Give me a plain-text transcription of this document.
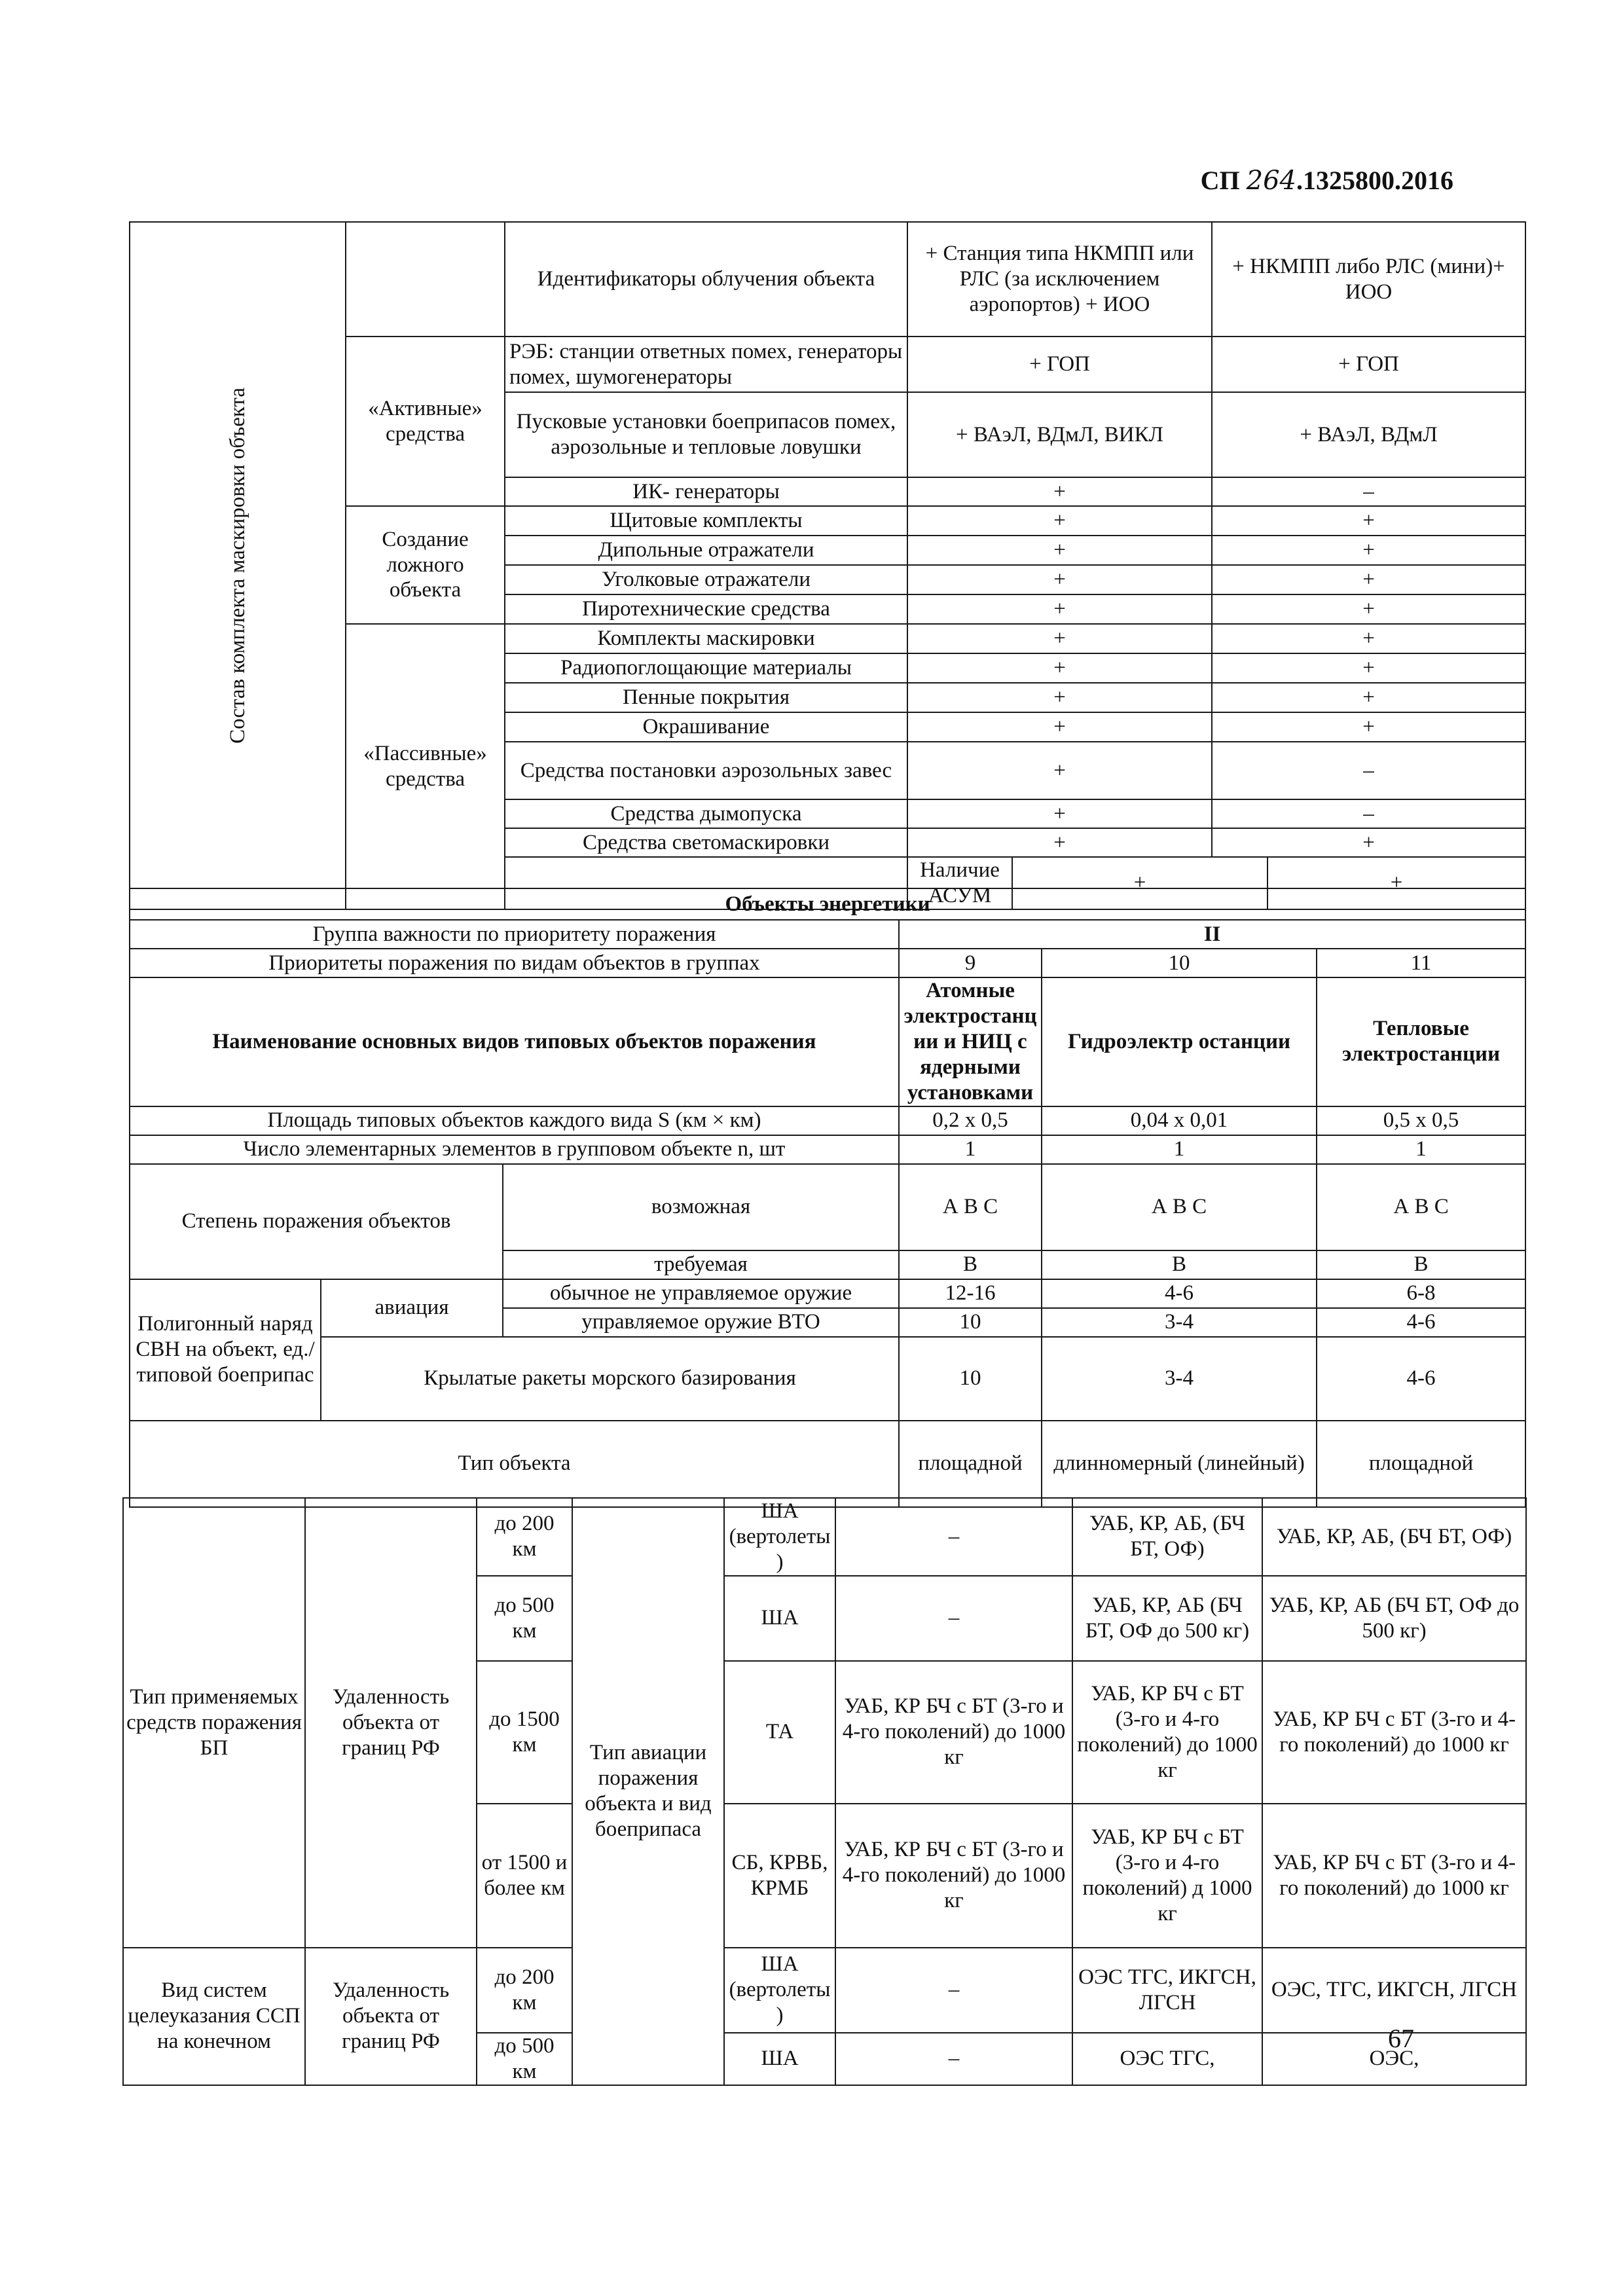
СП 264.1325800.2016
Состав комплекта маскировки объекта		Идентификаторы облучения объекта	+ Станция типа НКМПП или РЛС (за исключением аэропортов) + ИОО		+ НКМПП либо РЛС (мини)+ ИОО	
	«Активные» средства	РЭБ: станции ответных помех, генераторы помех, шумогенераторы	+ ГОП		+ ГОП	
		Пусковые установки боеприпасов помех, аэрозольные и тепловые ловушки	+ ВАэЛ, ВДмЛ, ВИКЛ		+ ВАэЛ, ВДмЛ	
		ИК- генераторы	+		–	
	Создание ложного объекта	Щитовые комплекты	+		+	
		Дипольные отражатели	+		+	
		Уголковые отражатели	+		+	
		Пиротехнические средства	+		+	
	«Пассивные» средства	Комплекты маскировки	+		+	
		Радиопоглощающие материалы	+		+	
		Пенные покрытия	+		+	
		Окрашивание	+		+	
		Средства постановки аэрозольных завес	+		–	
		Средства дымопуска	+		–	
		Средства светомаскировки	+		+	
			Наличие АСУМ	+		+
Объекты энергетики					
Группа важности по приоритету поражения			II		
Приоритеты поражения по видам объектов в группах			9	10	11
Наименование основных видов типовых объектов поражения			Атомные электростанции и НИЦ с ядерными установками	Гидроэлектр останции	Тепловые электростанции
Площадь типовых объектов каждого вида S (км × км)			0,2 x 0,5	0,04 x 0,01	0,5 x 0,5
Число элементарных элементов в групповом объекте n, шт			1	1	1
Степень поражения объектов		возможная	А В С	А В С	А В С
		требуемая	В	В	В
Полигонный наряд СВН на объект, ед./типовой боеприпас	авиация	обычное не управляемое оружие	12-16	4-6	6-8
		управляемое оружие ВТО	10	3-4	4-6
	Крылатые ракеты морского базирования		10	3-4	4-6
Тип объекта			площадной	длинномерный (линейный)	площадной
Тип применяемых средств поражения БП	Удаленность объекта от границ РФ	до 200 км	Тип авиации поражения объекта и вид боеприпаса	ША (вертолеты)	–	УАБ, КР, АБ, (БЧ БТ, ОФ)	УАБ, КР, АБ, (БЧ БТ, ОФ)
		до 500 км		ША	–	УАБ, КР, АБ (БЧ БТ, ОФ до 500 кг)	УАБ, КР, АБ (БЧ БТ, ОФ до 500 кг)
		до 1500 км		ТА	УАБ, КР БЧ с БТ (3-го и 4-го поколений) до 1000 кг	УАБ, КР БЧ с БТ (3-го и 4-го поколений) до 1000 кг	УАБ, КР БЧ с БТ (3-го и 4-го поколений) до 1000 кг
		от 1500 и более км		СБ, КРВБ, КРМБ	УАБ, КР БЧ с БТ (3-го и 4-го поколений) до 1000 кг	УАБ, КР БЧ с БТ (3-го и 4-го поколений) д 1000 кг	УАБ, КР БЧ с БТ (3-го и 4-го поколений) до 1000 кг
Вид систем целеуказания ССП на конечном	Удаленность объекта от границ РФ	до 200 км		ША (вертолеты)	–	ОЭС ТГС, ИКГСН, ЛГСН	ОЭС, ТГС, ИКГСН, ЛГСН
		до 500 км		ША	–	ОЭС ТГС,	ОЭС,
67
